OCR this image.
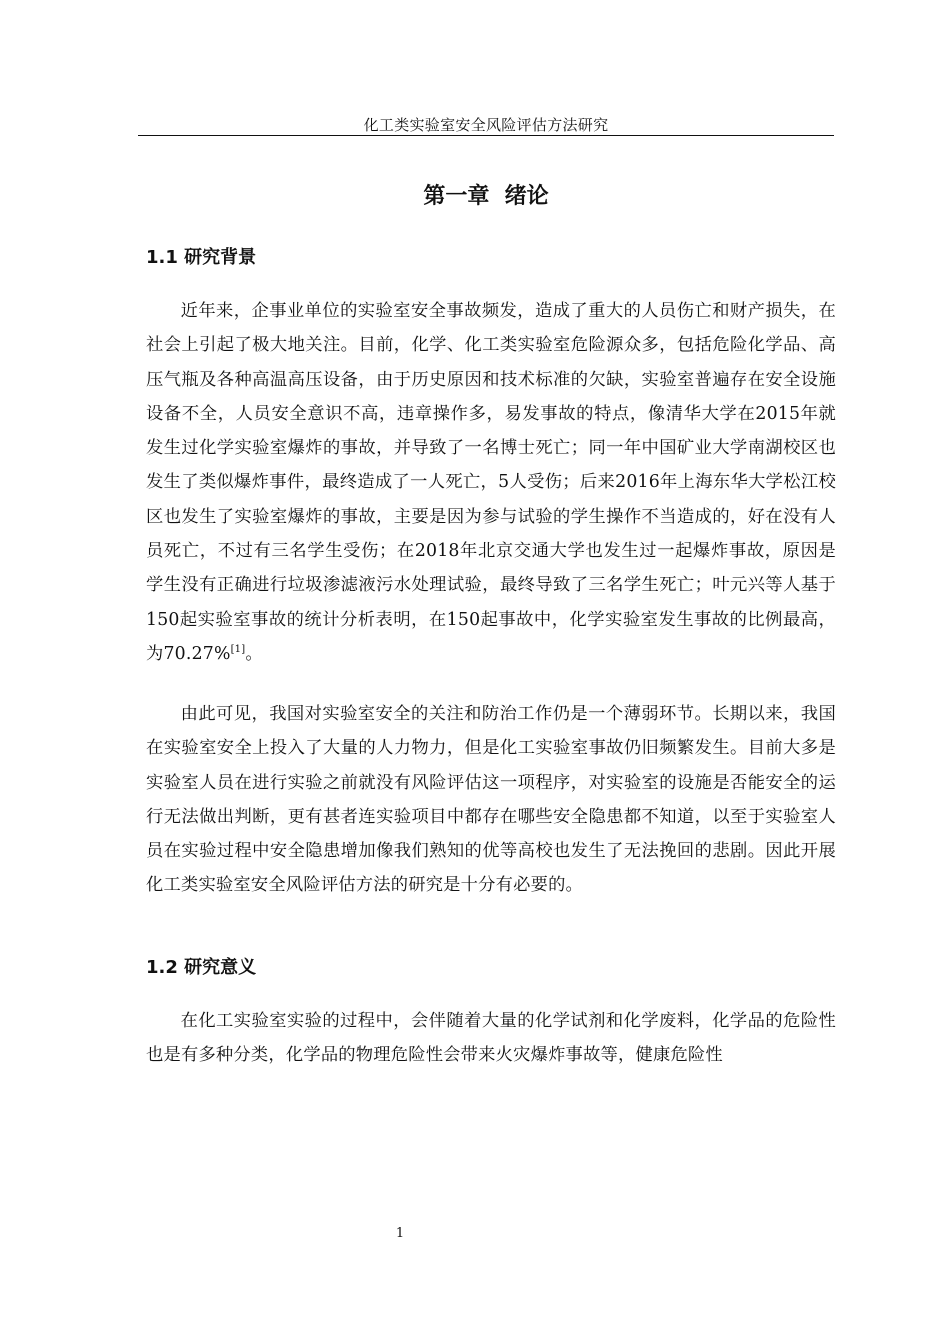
化工类实验室安全风险评估方法研究
第一章  绪论
1.1 研究背景

近年来，企事业单位的实验室安全事故频发，造成了重大的人员伤亡和财产损失，在社会上引起了极大地关注。目前，化学、化工类实验室危险源众多，包括危险化学品、高压气瓶及各种高温高压设备，由于历史原因和技术标准的欠缺，实验室普遍存在安全设施设备不全，人员安全意识不高，违章操作多，易发事故的特点，像清华大学在2015年就发生过化学实验室爆炸的事故，并导致了一名博士死亡；同一年中国矿业大学南湖校区也发生了类似爆炸事件，最终造成了一人死亡，5人受伤；后来2016年上海东华大学松江校区也发生了实验室爆炸的事故，主要是因为参与试验的学生操作不当造成的，好在没有人员死亡，不过有三名学生受伤；在2018年北京交通大学也发生过一起爆炸事故，原因是学生没有正确进行垃圾渗滤液污水处理试验，最终导致了三名学生死亡；叶元兴等人基于150起实验室事故的统计分析表明，在150起事故中，化学实验室发生事故的比例最高，为70.27%[1]。

由此可见，我国对实验室安全的关注和防治工作仍是一个薄弱环节。长期以来，我国在实验室安全上投入了大量的人力物力，但是化工实验室事故仍旧频繁发生。目前大多是实验室人员在进行实验之前就没有风险评估这一项程序，对实验室的设施是否能安全的运行无法做出判断，更有甚者连实验项目中都存在哪些安全隐患都不知道，以至于实验室人员在实验过程中安全隐患增加像我们熟知的优等高校也发生了无法挽回的悲剧。因此开展化工类实验室安全风险评估方法的研究是十分有必要的。

1.2 研究意义

在化工实验室实验的过程中，会伴随着大量的化学试剂和化学废料，化学品的危险性也是有多种分类，化学品的物理危险性会带来火灾爆炸事故等，健康危险性

1
